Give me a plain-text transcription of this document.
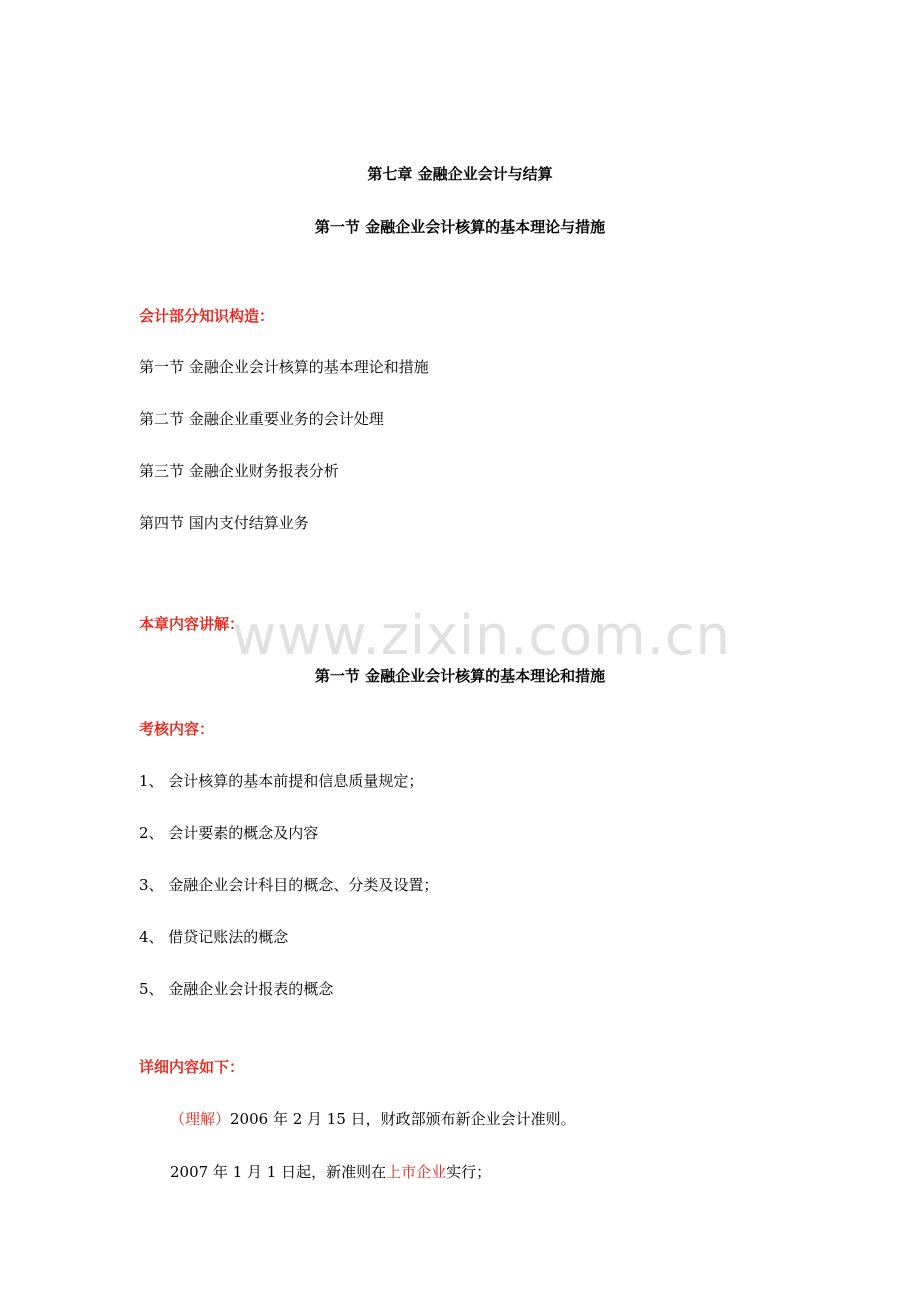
www.zixin.com.cn
第七章 金融企业会计与结算
第一节 金融企业会计核算的基本理论与措施
会计部分知识构造：
第一节 金融企业会计核算的基本理论和措施
第二节 金融企业重要业务的会计处理
第三节 金融企业财务报表分析
第四节 国内支付结算业务
本章内容讲解：
第一节 金融企业会计核算的基本理论和措施
考核内容：
1、 会计核算的基本前提和信息质量规定；
2、 会计要素的概念及内容
3、 金融企业会计科目的概念、分类及设置；
4、 借贷记账法的概念
5、 金融企业会计报表的概念
详细内容如下：
（理解）2006 年 2 月 15 日，财政部颁布新企业会计准则。
2007 年 1 月 1 日起，新准则在上市企业实行；
